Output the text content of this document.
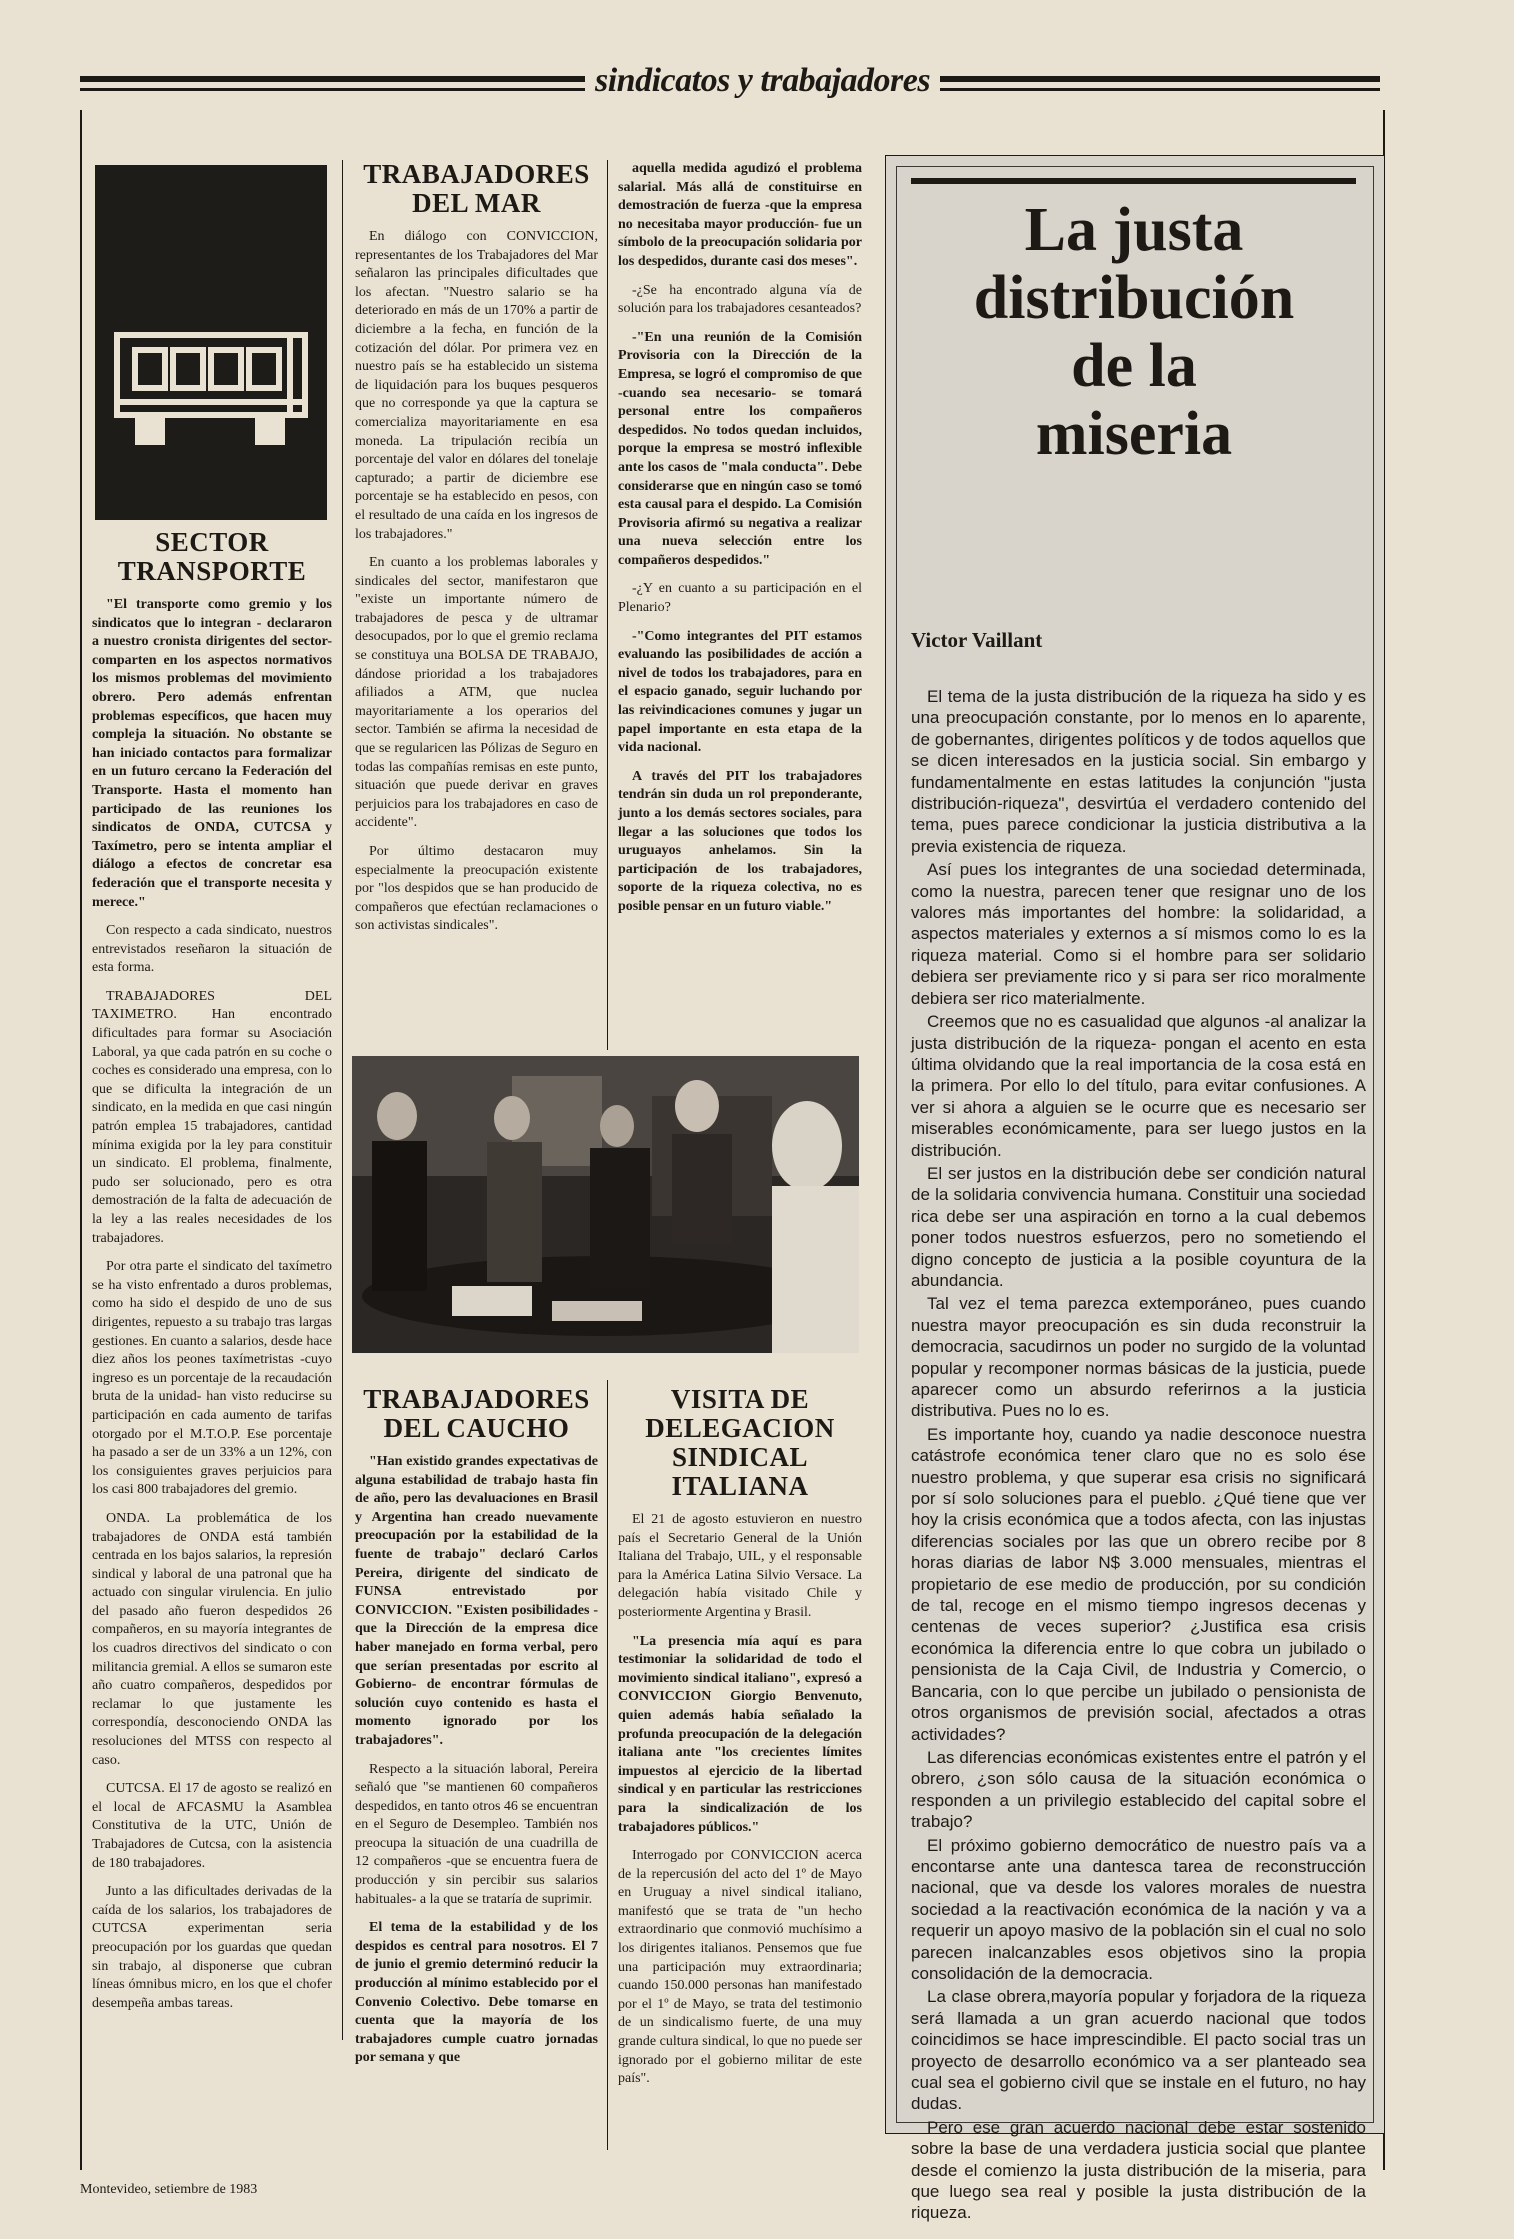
sindicatos y trabajadores
SECTOR TRANSPORTE

"El transporte como gremio y los sindicatos que lo integran - declararon a nuestro cronista dirigentes del sector- comparten en los aspectos normativos los mismos problemas del movimiento obrero. Pero además enfrentan problemas específicos, que hacen muy compleja la situación. No obstante se han iniciado contactos para formalizar en un futuro cercano la Federación del Transporte. Hasta el momento han participado de las reuniones los sindicatos de ONDA, CUTCSA y Taxímetro, pero se intenta ampliar el diálogo a efectos de concretar esa federación que el transporte necesita y merece."

Con respecto a cada sindicato, nuestros entrevistados reseñaron la situación de esta forma.

TRABAJADORES DEL TAXIMETRO. Han encontrado dificultades para formar su Asociación Laboral, ya que cada patrón en su coche o coches es considerado una empresa, con lo que se dificulta la integración de un sindicato, en la medida en que casi ningún patrón emplea 15 trabajadores, cantidad mínima exigida por la ley para constituir un sindicato. El problema, finalmente, pudo ser solucionado, pero es otra demostración de la falta de adecuación de la ley a las reales necesidades de los trabajadores.

Por otra parte el sindicato del taxímetro se ha visto enfrentado a duros problemas, como ha sido el despido de uno de sus dirigentes, repuesto a su trabajo tras largas gestiones. En cuanto a salarios, desde hace diez años los peones taxímetristas -cuyo ingreso es un porcentaje de la recaudación bruta de la unidad- han visto reducirse su participación en cada aumento de tarifas otorgado por el M.T.O.P. Ese porcentaje ha pasado a ser de un 33% a un 12%, con los consiguientes graves perjuicios para los casi 800 trabajadores del gremio.

ONDA. La problemática de los trabajadores de ONDA está también centrada en los bajos salarios, la represión sindical y laboral de una patronal que ha actuado con singular virulencia. En julio del pasado año fueron despedidos 26 compañeros, en su mayoría integrantes de los cuadros directivos del sindicato o con militancia gremial. A ellos se sumaron este año cuatro compañeros, despedidos por reclamar lo que justamente les correspondía, desconociendo ONDA las resoluciones del MTSS con respecto al caso.

CUTCSA. El 17 de agosto se realizó en el local de AFCASMU la Asamblea Constitutiva de la UTC, Unión de Trabajadores de Cutcsa, con la asistencia de 180 trabajadores.

Junto a las dificultades derivadas de la caída de los salarios, los trabajadores de CUTCSA experimentan seria preocupación por los guardas que quedan sin trabajo, al disponerse que cubran líneas ómnibus micro, en los que el chofer desempeña ambas tareas.

TRABAJADORES DEL MAR

En diálogo con CONVICCION, representantes de los Trabajadores del Mar señalaron las principales dificultades que los afectan. "Nuestro salario se ha deteriorado en más de un 170% a partir de diciembre a la fecha, en función de la cotización del dólar. Por primera vez en nuestro país se ha establecido un sistema de liquidación para los buques pesqueros que no corresponde ya que la captura se comercializa mayoritariamente en esa moneda. La tripulación recibía un porcentaje del valor en dólares del tonelaje capturado; a partir de diciembre ese porcentaje se ha establecido en pesos, con el resultado de una caída en los ingresos de los trabajadores."

En cuanto a los problemas laborales y sindicales del sector, manifestaron que "existe un importante número de trabajadores de pesca y de ultramar desocupados, por lo que el gremio reclama se constituya una BOLSA DE TRABAJO, dándose prioridad a los trabajadores afiliados a ATM, que nuclea mayoritariamente a los operarios del sector. También se afirma la necesidad de que se regularicen las Pólizas de Seguro en todas las compañías remisas en este punto, situación que puede derivar en graves perjuicios para los trabajadores en caso de accidente".

Por último destacaron muy especialmente la preocupación existente por "los despidos que se han producido de compañeros que efectúan reclamaciones o son activistas sindicales".

aquella medida agudizó el problema salarial. Más allá de constituirse en demostración de fuerza -que la empresa no necesitaba mayor producción- fue un símbolo de la preocupación solidaria por los despedidos, durante casi dos meses".

-¿Se ha encontrado alguna vía de solución para los trabajadores cesanteados?

-"En una reunión de la Comisión Provisoria con la Dirección de la Empresa, se logró el compromiso de que -cuando sea necesario- se tomará personal entre los compañeros despedidos. No todos quedan incluidos, porque la empresa se mostró inflexible ante los casos de "mala conducta". Debe considerarse que en ningún caso se tomó esta causal para el despido. La Comisión Provisoria afirmó su negativa a realizar una nueva selección entre los compañeros despedidos."

-¿Y en cuanto a su participación en el Plenario?

-"Como integrantes del PIT estamos evaluando las posibilidades de acción a nivel de todos los trabajadores, para en el espacio ganado, seguir luchando por las reivindicaciones comunes y jugar un papel importante en esta etapa de la vida nacional.

A través del PIT los trabajadores tendrán sin duda un rol preponderante, junto a los demás sectores sociales, para llegar a las soluciones que todos los uruguayos anhelamos. Sin la participación de los trabajadores, soporte de la riqueza colectiva, no es posible pensar en un futuro viable."

TRABAJADORES DEL CAUCHO

"Han existido grandes expectativas de alguna estabilidad de trabajo hasta fin de año, pero las devaluaciones en Brasil y Argentina han creado nuevamente preocupación por la estabilidad de la fuente de trabajo" declaró Carlos Pereira, dirigente del sindicato de FUNSA entrevistado por CONVICCION. "Existen posibilidades -que la Dirección de la empresa dice haber manejado en forma verbal, pero que serían presentadas por escrito al Gobierno- de encontrar fórmulas de solución cuyo contenido es hasta el momento ignorado por los trabajadores".

Respecto a la situación laboral, Pereira señaló que "se mantienen 60 compañeros despedidos, en tanto otros 46 se encuentran en el Seguro de Desempleo. También nos preocupa la situación de una cuadrilla de 12 compañeros -que se encuentra fuera de producción y sin percibir sus salarios habituales- a la que se trataría de suprimir.

El tema de la estabilidad y de los despidos es central para nosotros. El 7 de junio el gremio determinó reducir la producción al mínimo establecido por el Convenio Colectivo. Debe tomarse en cuenta que la mayoría de los trabajadores cumple cuatro jornadas por semana y que

VISITA DE DELEGACION SINDICAL ITALIANA

El 21 de agosto estuvieron en nuestro país el Secretario General de la Unión Italiana del Trabajo, UIL, y el responsable para la América Latina Silvio Versace. La delegación había visitado Chile y posteriormente Argentina y Brasil.

"La presencia mía aquí es para testimoniar la solidaridad de todo el movimiento sindical italiano", expresó a CONVICCION Giorgio Benvenuto, quien además había señalado la profunda preocupación de la delegación italiana ante "los crecientes límites impuestos al ejercicio de la libertad sindical y en particular las restricciones para la sindicalización de los trabajadores públicos."

Interrogado por CONVICCION acerca de la repercusión del acto del 1º de Mayo en Uruguay a nivel sindical italiano, manifestó que se trata de "un hecho extraordinario que conmovió muchísimo a los dirigentes italianos. Pensemos que fue una participación muy extraordinaria; cuando 150.000 personas han manifestado por el 1º de Mayo, se trata del testimonio de un sindicalismo fuerte, de una muy grande cultura sindical, lo que no puede ser ignorado por el gobierno militar de este país".

La justa
distribución
de la
miseria
Victor Vaillant

El tema de la justa distribución de la riqueza ha sido y es una preocupación constante, por lo menos en lo aparente, de gobernantes, dirigentes políticos y de todos aquellos que se dicen interesados en la justicia social. Sin embargo y fundamentalmente en estas latitudes la conjunción "justa distribución-riqueza", desvirtúa el verdadero contenido del tema, pues parece condicionar la justicia distributiva a la previa existencia de riqueza.

Así pues los integrantes de una sociedad determinada, como la nuestra, parecen tener que resignar uno de los valores más importantes del hombre: la solidaridad, a aspectos materiales y externos a sí mismos como lo es la riqueza material. Como si el hombre para ser solidario debiera ser previamente rico y si para ser rico moralmente debiera ser rico materialmente.

Creemos que no es casualidad que algunos -al analizar la justa distribución de la riqueza- pongan el acento en esta última olvidando que la real importancia de la cosa está en la primera. Por ello lo del título, para evitar confusiones. A ver si ahora a alguien se le ocurre que es necesario ser miserables económicamente, para ser luego justos en la distribución.

El ser justos en la distribución debe ser condición natural de la solidaria convivencia humana. Constituir una sociedad rica debe ser una aspiración en torno a la cual debemos poner todos nuestros esfuerzos, pero no sometiendo el digno concepto de justicia a la posible coyuntura de la abundancia.

Tal vez el tema parezca extemporáneo, pues cuando nuestra mayor preocupación es sin duda reconstruir la democracia, sacudirnos un poder no surgido de la voluntad popular y recomponer normas básicas de la justicia, puede aparecer como un absurdo referirnos a la justicia distributiva. Pues no lo es.

Es importante hoy, cuando ya nadie desconoce nuestra catástrofe económica tener claro que no es solo ése nuestro problema, y que superar esa crisis no significará por sí solo soluciones para el pueblo. ¿Qué tiene que ver hoy la crisis económica que a todos afecta, con las injustas diferencias sociales por las que un obrero recibe por 8 horas diarias de labor N$ 3.000 mensuales, mientras el propietario de ese medio de producción, por su condición de tal, recoge en el mismo tiempo ingresos decenas y centenas de veces superior? ¿Justifica esa crisis económica la diferencia entre lo que cobra un jubilado o pensionista de la Caja Civil, de Industria y Comercio, o Bancaria, con lo que percibe un jubilado o pensionista de otros organismos de previsión social, afectados a otras actividades?

Las diferencias económicas existentes entre el patrón y el obrero, ¿son sólo causa de la situación económica o responden a un privilegio establecido del capital sobre el trabajo?

El próximo gobierno democrático de nuestro país va a encontarse ante una dantesca tarea de reconstrucción nacional, que va desde los valores morales de nuestra sociedad a la reactivación económica de la nación y va a requerir un apoyo masivo de la población sin el cual no solo parecen inalcanzables esos objetivos sino la propia consolidación de la democracia.

La clase obrera,mayoría popular y forjadora de la riqueza será llamada a un gran acuerdo nacional que todos coincidimos se hace imprescindible. El pacto social tras un proyecto de desarrollo económico va a ser planteado sea cual sea el gobierno civil que se instale en el futuro, no hay dudas.

Pero ese gran acuerdo nacional debe estar sostenido sobre la base de una verdadera justicia social que plantee desde el comienzo la justa distribución de la miseria, para que luego sea real y posible la justa distribución de la riqueza.

Montevideo, setiembre de 1983
